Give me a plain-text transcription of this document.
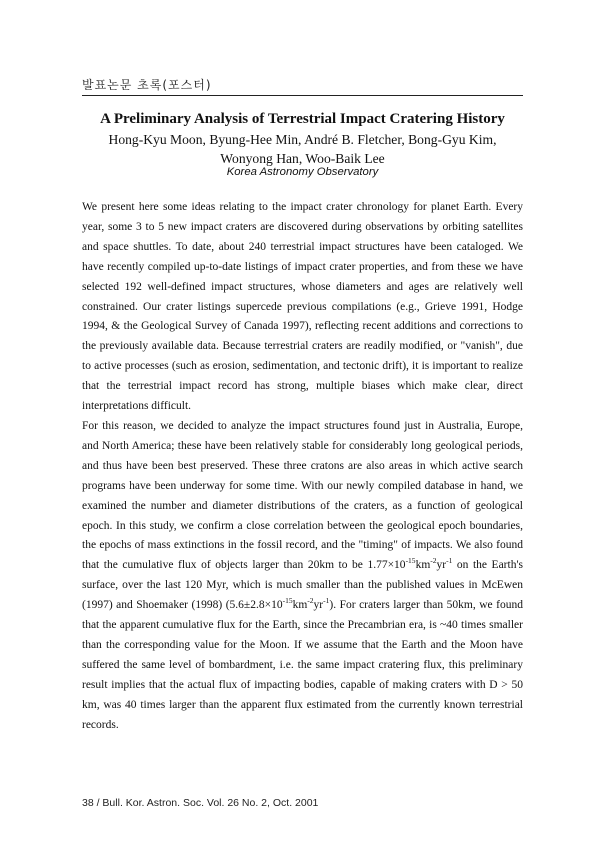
발표논문 초록(포스터)
A Preliminary Analysis of Terrestrial Impact Cratering History
Hong-Kyu Moon, Byung-Hee Min, André B. Fletcher, Bong-Gyu Kim,
Wonyong Han, Woo-Baik Lee
Korea Astronomy Observatory

We present here some ideas relating to the impact crater chronology for planet Earth. Every year, some 3 to 5 new impact craters are discovered during observations by orbiting satellites and space shuttles. To date, about 240 terrestrial impact structures have been cataloged. We have recently compiled up-to-date listings of impact crater properties, and from these we have selected 192 well-defined impact structures, whose diameters and ages are relatively well constrained. Our crater listings supercede previous compilations (e.g., Grieve 1991, Hodge 1994, & the Geological Survey of Canada 1997), reflecting recent additions and corrections to the previously available data. Because terrestrial craters are readily modified, or "vanish", due to active processes (such as erosion, sedimentation, and tectonic drift), it is important to realize that the terrestrial impact record has strong, multiple biases which make clear, direct interpretations difficult.

For this reason, we decided to analyze the impact structures found just in Australia, Europe, and North America; these have been relatively stable for considerably long geological periods, and thus have been best preserved. These three cratons are also areas in which active search programs have been underway for some time. With our newly compiled database in hand, we examined the number and diameter distributions of the craters, as a function of geological epoch. In this study, we confirm a close correlation between the geological epoch boundaries, the epochs of mass extinctions in the fossil record, and the "timing" of impacts. We also found that the cumulative flux of objects larger than 20km to be $1.77\times 10^{-15}km^{-2}yr^{-1}$ on the Earth's surface, over the last 120 Myr, which is much smaller than the published values in McEwen (1997) and Shoemaker (1998) $(5.6\pm 2.8\times 10^{-15}km^{-2}yr^{-1})$. For craters larger than 50km, we found that the apparent cumulative flux for the Earth, since the Precambrian era, is ~40 times smaller than the corresponding value for the Moon. If we assume that the Earth and the Moon have suffered the same level of bombardment, i.e. the same impact cratering flux, this preliminary result implies that the actual flux of impacting bodies, capable of making craters with D > 50 km, was 40 times larger than the apparent flux estimated from the currently known terrestrial records.

38 / Bull. Kor. Astron. Soc. Vol. 26 No. 2, Oct. 2001
